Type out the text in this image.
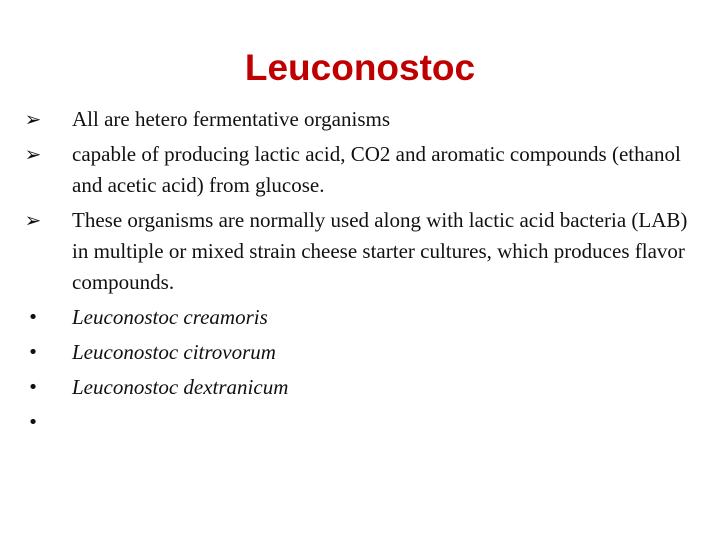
Leuconostoc
➢ All are hetero fermentative organisms
➢ capable of producing lactic acid, CO2 and aromatic compounds (ethanol and acetic acid) from glucose.
➢ These organisms are normally used along with lactic acid bacteria (LAB) in multiple or mixed strain cheese starter cultures, which produces flavor compounds.
• Leuconostoc creamoris
• Leuconostoc citrovorum
• Leuconostoc dextranicum
•
